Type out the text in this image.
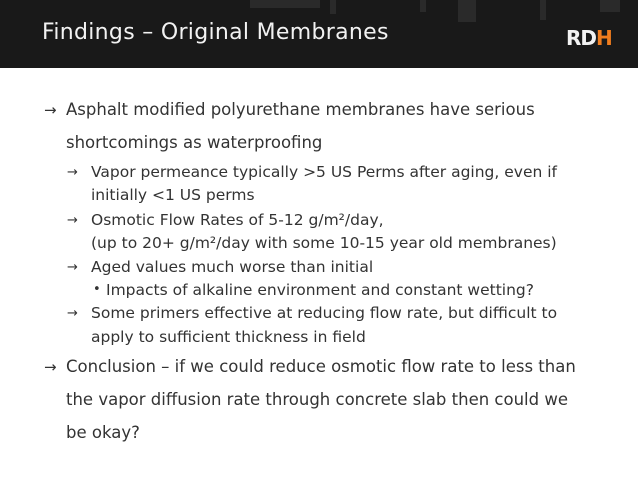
Findings – Original Membranes	RDH
→ Asphalt modified polyurethane membranes have serious
shortcomings as waterproofing
→ Vapor permeance typically >5 US Perms after aging, even if
initially <1 US perms
→ Osmotic Flow Rates of 5-12 g/m²/day,
(up to 20+ g/m²/day with some 10-15 year old membranes)
→ Aged values much worse than initial
• Impacts of alkaline environment and constant wetting?
→ Some primers effective at reducing flow rate, but difficult to
apply to sufficient thickness in field
→ Conclusion – if we could reduce osmotic flow rate to less than
the vapor diffusion rate through concrete slab then could we
be okay?
